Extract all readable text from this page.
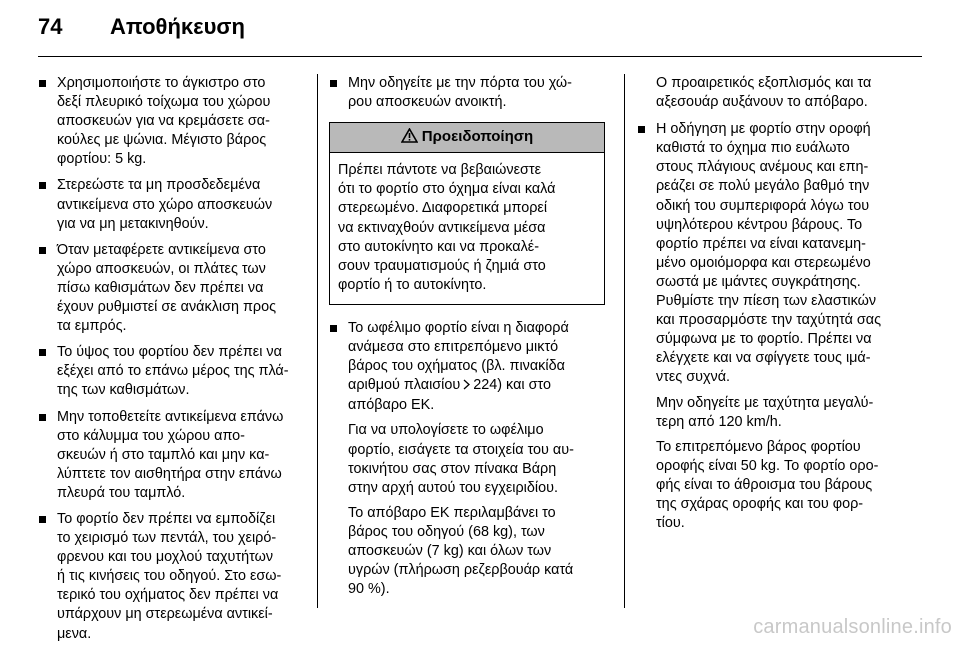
74	Αποθήκευση
Χρησιμοποιήστε το άγκιστρο στο
δεξί πλευρικό τοίχωμα του χώρου
αποσκευών για να κρεμάσετε σα-
κούλες με ψώνια. Μέγιστο βάρος
φορτίου: 5 kg.
Στερεώστε τα μη προσδεδεμένα
αντικείμενα στο χώρο αποσκευών
για να μη μετακινηθούν.
Όταν μεταφέρετε αντικείμενα στο
χώρο αποσκευών, οι πλάτες των
πίσω καθισμάτων δεν πρέπει να
έχουν ρυθμιστεί σε ανάκλιση προς
τα εμπρός.
Το ύψος του φορτίου δεν πρέπει να
εξέχει από το επάνω μέρος της πλά-
της των καθισμάτων.
Μην τοποθετείτε αντικείμενα επάνω
στο κάλυμμα του χώρου απο-
σκευών ή στο ταμπλό και μην κα-
λύπτετε τον αισθητήρα στην επάνω
πλευρά του ταμπλό.
Το φορτίο δεν πρέπει να εμποδίζει
το χειρισμό των πεντάλ, του χειρό-
φρενου και του μοχλού ταχυτήτων
ή τις κινήσεις του οδηγού. Στο εσω-
τερικό του οχήματος δεν πρέπει να
υπάρχουν μη στερεωμένα αντικεί-
μενα.
Μην οδηγείτε με την πόρτα του χώ-
ρου αποσκευών ανοικτή.
Προειδοποίηση
Πρέπει πάντοτε να βεβαιώνεστε
ότι το φορτίο στο όχημα είναι καλά
στερεωμένο. Διαφορετικά μπορεί
να εκτιναχθούν αντικείμενα μέσα
στο αυτοκίνητο και να προκαλέ-
σουν τραυματισμούς ή ζημιά στο
φορτίο ή το αυτοκίνητο.
Το ωφέλιμο φορτίο είναι η διαφορά
ανάμεσα στο επιτρεπόμενο μικτό
βάρος του οχήματος (βλ. πινακίδα
αριθμού πλαισίου 224) και στο
απόβαρο ΕΚ.
Για να υπολογίσετε το ωφέλιμο
φορτίο, εισάγετε τα στοιχεία του αυ-
τοκινήτου σας στον πίνακα Βάρη
στην αρχή αυτού του εγχειριδίου.
Το απόβαρο ΕΚ περιλαμβάνει το
βάρος του οδηγού (68 kg), των
αποσκευών (7 kg) και όλων των
υγρών (πλήρωση ρεζερβουάρ κατά
90 %).
Ο προαιρετικός εξοπλισμός και τα
αξεσουάρ αυξάνουν το απόβαρο.
Η οδήγηση με φορτίο στην οροφή
καθιστά το όχημα πιο ευάλωτο
στους πλάγιους ανέμους και επη-
ρεάζει σε πολύ μεγάλο βαθμό την
οδική του συμπεριφορά λόγω του
υψηλότερου κέντρου βάρους. Το
φορτίο πρέπει να είναι κατανεμη-
μένο ομοιόμορφα και στερεωμένο
σωστά με ιμάντες συγκράτησης.
Ρυθμίστε την πίεση των ελαστικών
και προσαρμόστε την ταχύτητά σας
σύμφωνα με το φορτίο. Πρέπει να
ελέγχετε και να σφίγγετε τους ιμά-
ντες συχνά.
Μην οδηγείτε με ταχύτητα μεγαλύ-
τερη από 120 km/h.
Το επιτρεπόμενο βάρος φορτίου
οροφής είναι 50 kg. Το φορτίο ορο-
φής είναι το άθροισμα του βάρους
της σχάρας οροφής και του φορ-
τίου.
carmanualsonline.info
